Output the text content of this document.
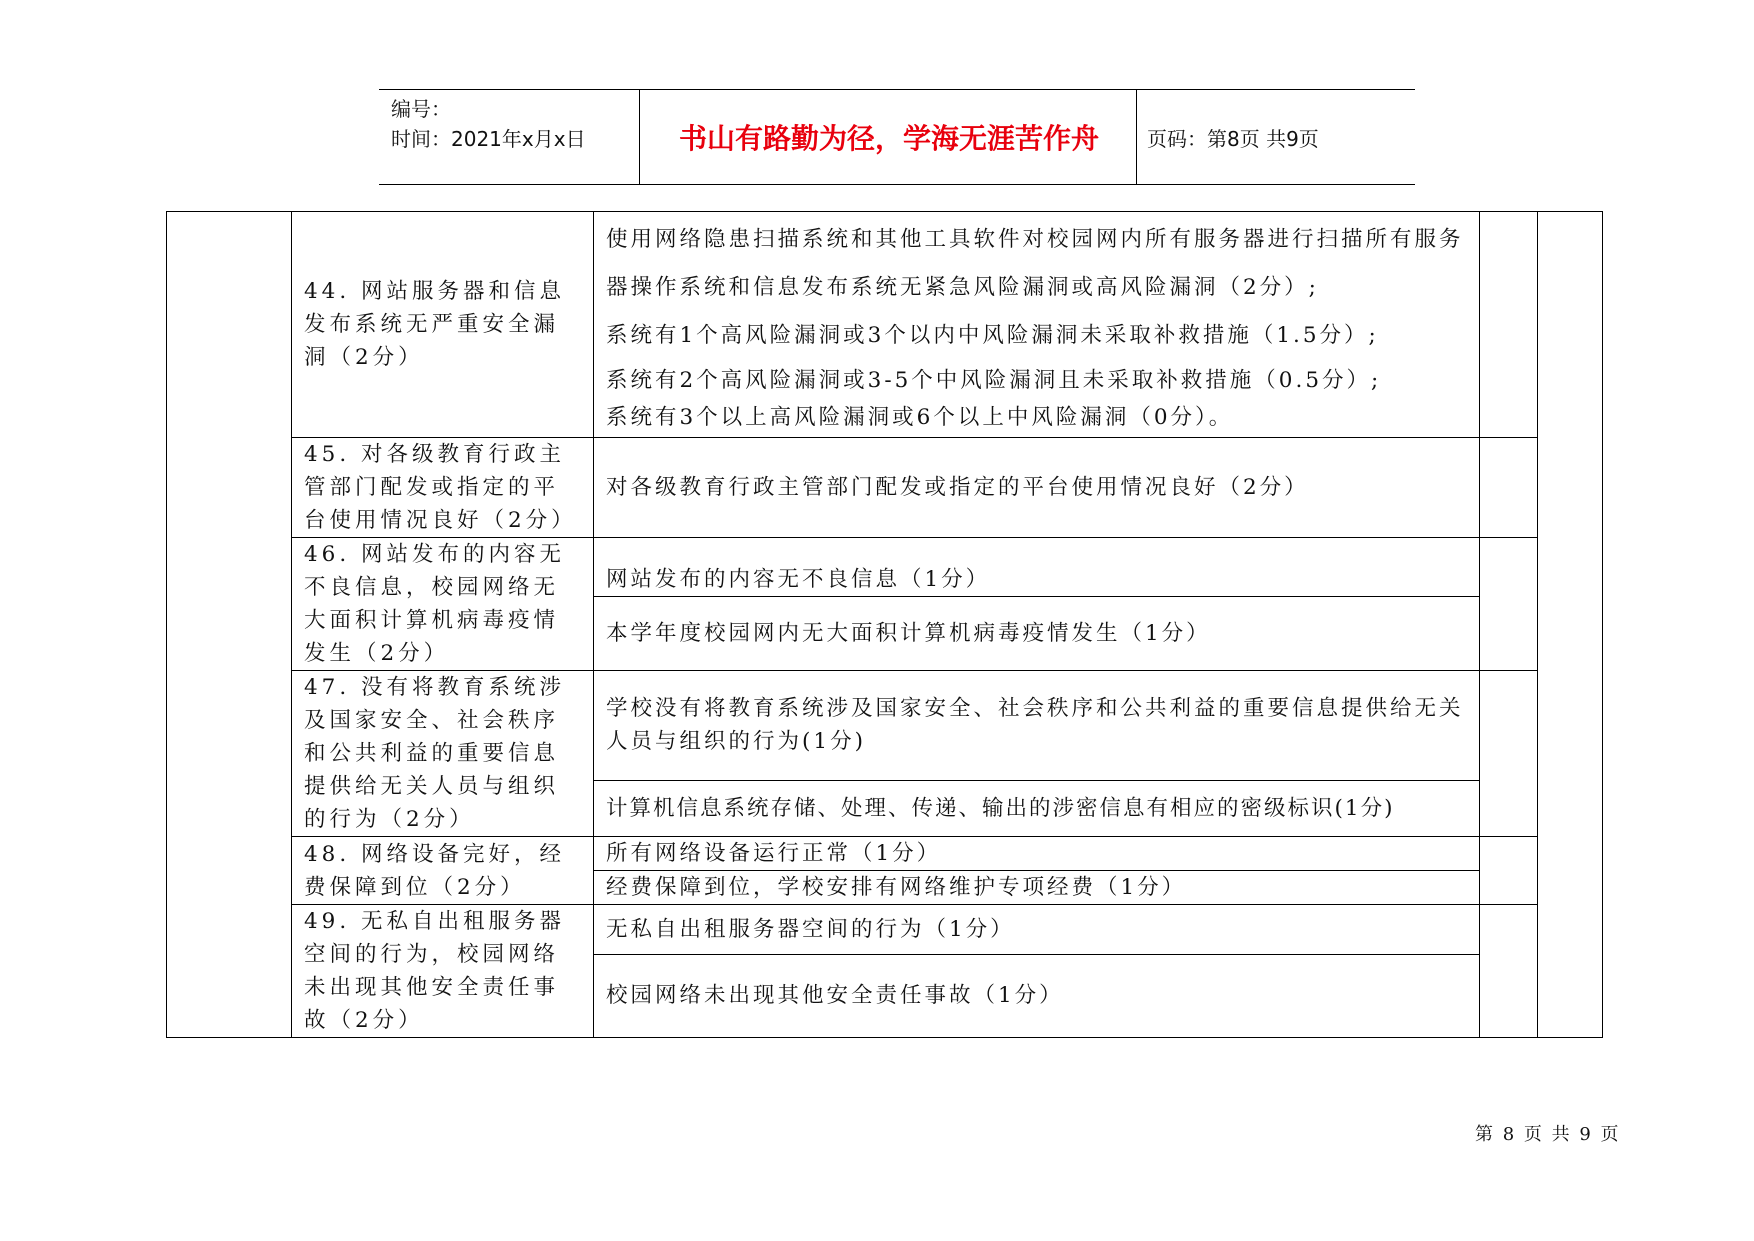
编号：
时间：2021年x月x日	书山有路勤为径，学海无涯苦作舟	页码：第8页 共9页
	44. 网站服务器和信息发布系统无严重安全漏洞（2分）	使用网络隐患扫描系统和其他工具软件对校园网内所有服务器进行扫描所有服务器操作系统和信息发布系统无紧急风险漏洞或高风险漏洞（2分）;
系统有1个高风险漏洞或3个以内中风险漏洞未采取补救措施（1.5分）;
系统有2个高风险漏洞或3-5个中风险漏洞且未采取补救措施（0.5分）;
系统有3个以上高风险漏洞或6个以上中风险漏洞（0分）。		

	45. 对各级教育行政主管部门配发或指定的平台使用情况良好（2分）	对各级教育行政主管部门配发或指定的平台使用情况良好（2分）		
	46. 网站发布的内容无不良信息，校园网络无大面积计算机病毒疫情发生（2分）	网站发布的内容无不良信息（1分）		
		本学年度校园网内无大面积计算机病毒疫情发生（1分）		
	47. 没有将教育系统涉及国家安全、社会秩序和公共利益的重要信息提供给无关人员与组织的行为（2分）	学校没有将教育系统涉及国家安全、社会秩序和公共利益的重要信息提供给无关人员与组织的行为(1分)		
		计算机信息系统存储、处理、传递、输出的涉密信息有相应的密级标识(1分)		
	48. 网络设备完好，经费保障到位（2分）	所有网络设备运行正常（1分）		
		经费保障到位，学校安排有网络维护专项经费（1分）		
	49. 无私自出租服务器空间的行为，校园网络未出现其他安全责任事故（2分）	无私自出租服务器空间的行为（1分）		
		校园网络未出现其他安全责任事故（1分）		
第 8 页 共 9 页
